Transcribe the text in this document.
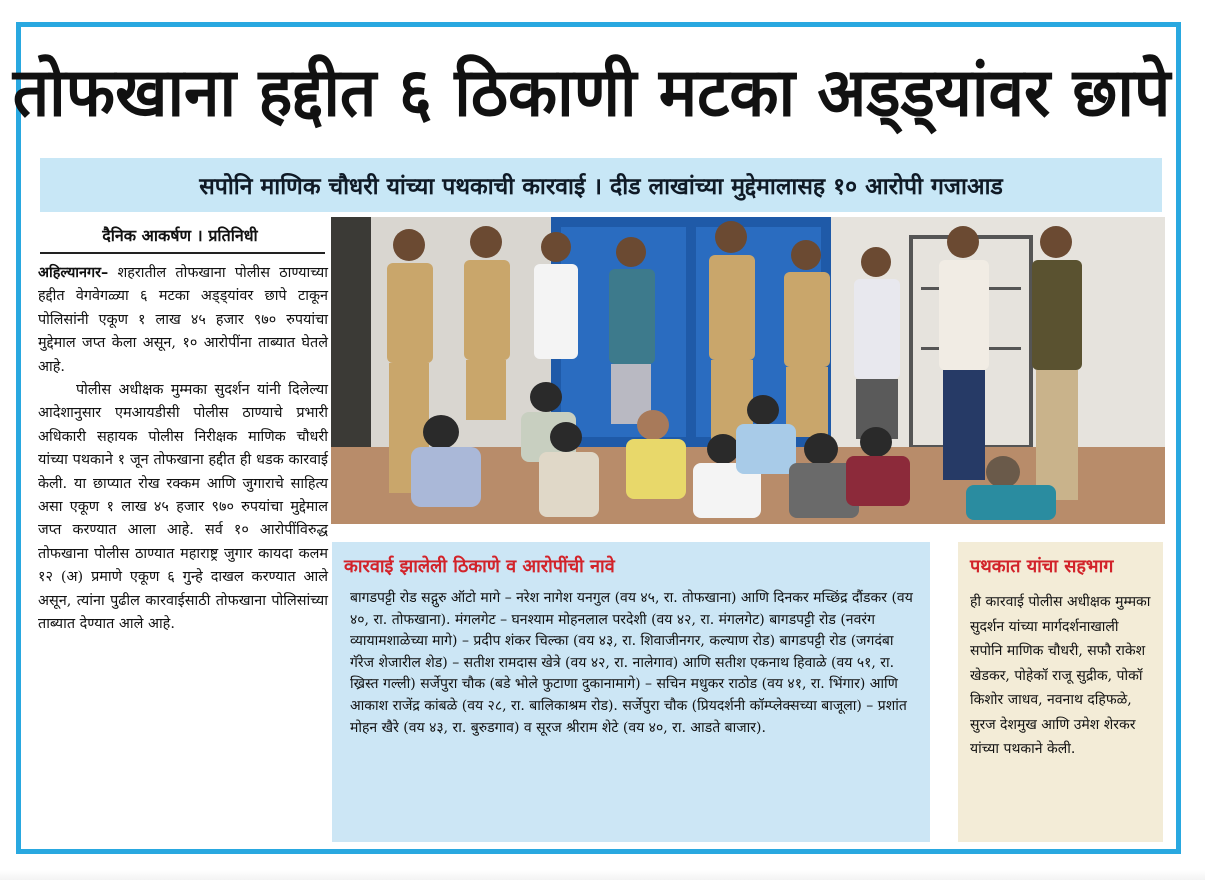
तोफखाना हद्दीत ६ ठिकाणी मटका अड्ड्यांवर छापे
सपोनि माणिक चौधरी यांच्या पथकाची कारवाई । दीड लाखांच्या मुद्देमालासह १० आरोपी गजाआड
दैनिक आकर्षण । प्रतिनिधी

अहिल्यानगर– शहरातील तोफखाना पोलीस ठाण्याच्या हद्दीत वेगवेगळ्या ६ मटका अड्ड्यांवर छापे टाकून पोलिसांनी एकूण १ लाख ४५ हजार ९७० रुपयांचा मुद्देमाल जप्त केला असून, १० आरोपींना ताब्यात घेतले आहे.

पोलीस अधीक्षक मुम्मका सुदर्शन यांनी दिलेल्या आदेशानुसार एमआयडीसी पोलीस ठाण्याचे प्रभारी अधिकारी सहायक पोलीस निरीक्षक माणिक चौधरी यांच्या पथकाने १ जून तोफखाना हद्दीत ही धडक कारवाई केली. या छाप्यात रोख रक्कम आणि जुगाराचे साहित्य असा एकूण १ लाख ४५ हजार ९७० रुपयांचा मुद्देमाल जप्त करण्यात आला आहे. सर्व १० आरोपींविरुद्ध तोफखाना पोलीस ठाण्यात महाराष्ट्र जुगार कायदा कलम १२ (अ) प्रमाणे एकूण ६ गुन्हे दाखल करण्यात आले असून, त्यांना पुढील कारवाईसाठी तोफखाना पोलिसांच्या ताब्यात देण्यात आले आहे.

कारवाई झालेली ठिकाणे व आरोपींची नावे
बागडपट्टी रोड सद्गुरु ऑटो मागे – नरेश नागेश यनगुल (वय ४५, रा. तोफखाना) आणि दिनकर मच्छिंद्र दौंडकर (वय ४०, रा. तोफखाना). मंगलगेट – घनश्याम मोहनलाल परदेशी (वय ४२, रा. मंगलगेट) बागडपट्टी रोड (नवरंग व्यायामशाळेच्या मागे) – प्रदीप शंकर चिल्का (वय ४३, रा. शिवाजीनगर, कल्याण रोड) बागडपट्टी रोड (जगदंबा गॅरेज शेजारील शेड) – सतीश रामदास खेत्रे (वय ४२, रा. नालेगाव) आणि सतीश एकनाथ हिवाळे (वय ५१, रा. ख्रिस्त गल्ली) सर्जेपुरा चौक (बडे भोले फुटाणा दुकानामागे) – सचिन मधुकर राठोड (वय ४१, रा. भिंगार) आणि आकाश राजेंद्र कांबळे (वय २८, रा. बालिकाश्रम रोड). सर्जेपुरा चौक (प्रियदर्शनी कॉम्प्लेक्सच्या बाजूला) – प्रशांत मोहन खैरे (वय ४३, रा. बुरुडगाव) व सूरज श्रीराम शेटे (वय ४०, रा. आडते बाजार).
पथकात यांचा सहभाग
ही कारवाई पोलीस अधीक्षक मुम्मका सुदर्शन यांच्या मार्गदर्शनाखाली सपोनि माणिक चौधरी, सफौ राकेश खेडकर, पोहेकॉ राजू सुद्रीक, पोकॉ किशोर जाधव, नवनाथ दहिफळे, सुरज देशमुख आणि उमेश शेरकर यांच्या पथकाने केली.
